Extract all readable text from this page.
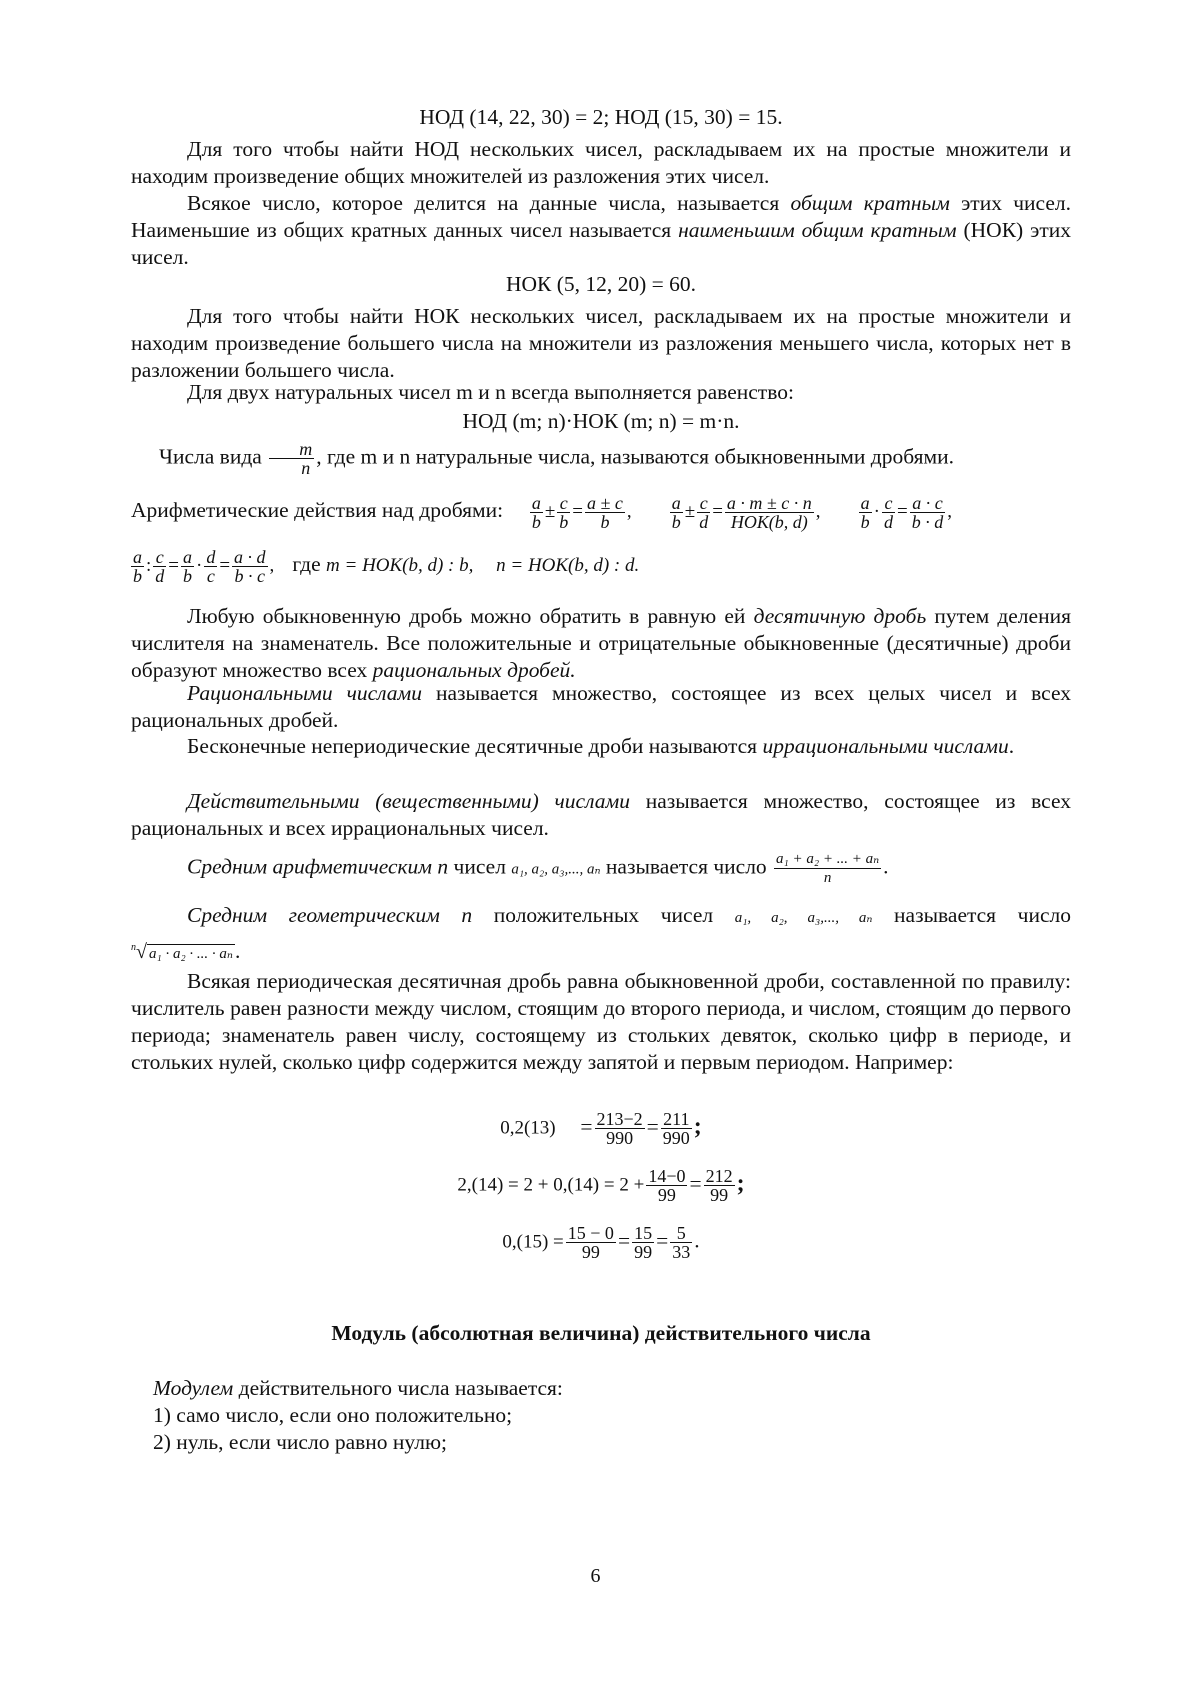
НОД (14, 22, 30) = 2; НОД (15, 30) = 15.

Для того чтобы найти НОД нескольких чисел, раскладываем их на простые множители и находим произведение общих множителей из разложения этих чисел.

Всякое число, которое делится на данные числа, называется общим кратным этих чисел. Наименьшие из общих кратных данных чисел называется наименьшим общим кратным (НОК) этих чисел.

НОК (5, 12, 20) = 60.

Для того чтобы найти НОК нескольких чисел, раскладываем их на простые множители и находим произведение большего числа на множители из разложения меньшего числа, которых нет в разложении большего числа.

Для двух натуральных чисел m и n всегда выполняется равенство:

НОД (m; n)·НОК (m; n) = m·n.
Числа вида $\frac{m}{n}$ , где m и n натуральные числа, называются обыкновенными дробями.
Арифметические действия над дробями: $\frac{a}{b} \pm \frac{c}{b} = \frac{a \pm c}{b}$ , $\frac{a}{b} \pm \frac{c}{d} = a \cdot m \pm c \cdot n$
НОК(b, d)
, $\frac{a}{b} \cdot \frac{c}{d} = \frac{a \cdot c}{b \cdot d}$ ,
$\frac{a}{b}$ : $\frac{c}{d} = \frac{a}{b} \cdot \frac{d}{c} = \frac{a \cdot d}{b \cdot c}$ , где m = НОК(b, d) : b, n = НОК(b, d) : d.

Любую обыкновенную дробь можно обратить в равную ей десятичную дробь путем деления числителя на знаменатель. Все положительные и отрицательные обыкновенные (десятичные) дроби образуют множество всех рациональных дробей.

Рациональными числами называется множество, состоящее из всех целых чисел и всех рациональных дробей.

Бесконечные непериодические десятичные дроби называются иррациональными числами.

Действительными (вещественными) числами называется множество, состоящее из всех рациональных и всех иррациональных чисел.

Средним арифметическим n чисел a₁, a₂, a₃,..., aₙ называется число $\frac{\text{a₁ + a₂ + ... + aₙ}}{n}$ .
Средним геометрическим n положительных чисел a₁, a₂, a₃,..., aₙ называется число
$^n$√ a₁ · a₂ · ... · aₙ.

Всякая периодическая десятичная дробь равна обыкновенной дроби, составленной по правилу: числитель равен разности между числом, стоящим до второго периода, и числом, стоящим до первого периода; знаменатель равен числу, состоящему из стольких девяток, сколько цифр в периоде, и стольких нулей, сколько цифр содержится между запятой и первым периодом. Например:

$0,2(13) = \frac{213-2}{990} = \frac{211}{990}$ ;
$2,(14) = 2 + 0,(14) = 2 + \frac{14-0}{99} = \frac{212}{99}$ ;
$0,(15) = \frac{15 - 0}{99} = \frac{15}{99} = \frac{5}{33}$ .
Модуль (абсолютная величина) действительного числа
Модулем действительного числа называется:
1) само число, если оно положительно;
2) нуль, если число равно нулю;
6
